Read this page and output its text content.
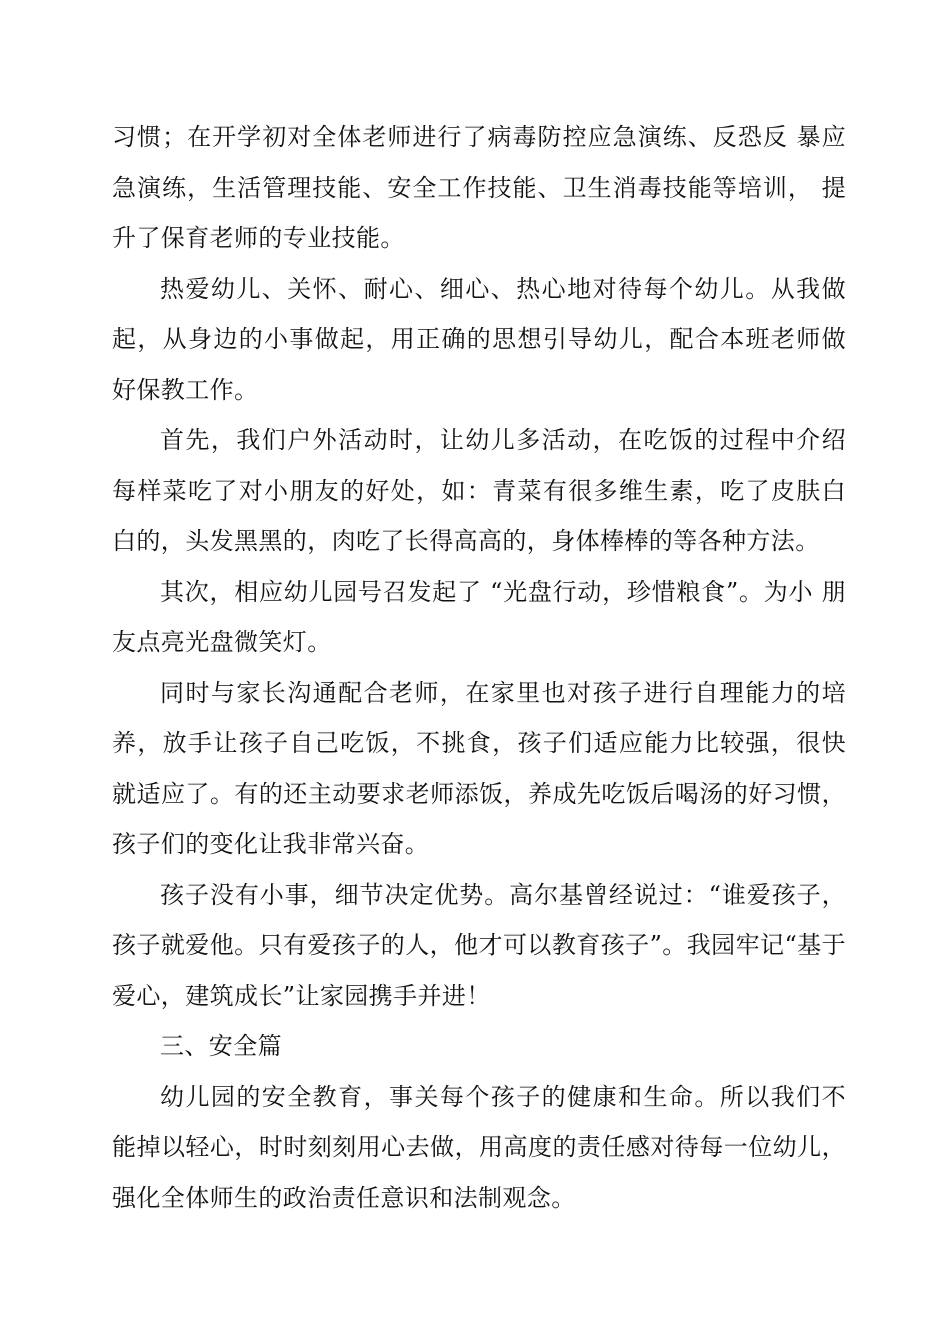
习惯；在开学初对全体老师进行了病毒防控应急演练、反恐反 暴应急演练，生活管理技能、安全工作技能、卫生消毒技能等培训， 提升了保育老师的专业技能。

热爱幼儿、关怀、耐心、细心、热心地对待每个幼儿。从我做起，从身边的小事做起，用正确的思想引导幼儿，配合本班老师做 好保教工作。

首先，我们户外活动时，让幼儿多活动，在吃饭的过程中介绍 每样菜吃了对小朋友的好处，如：青菜有很多维生素，吃了皮肤白 白的，头发黑黑的，肉吃了长得高高的，身体棒棒的等各种方法。

其次，相应幼儿园号召发起了 “光盘行动，珍惜粮食”。为小 朋友点亮光盘微笑灯。

同时与家长沟通配合老师，在家里也对孩子进行自理能力的培养，放手让孩子自己吃饭，不挑食，孩子们适应能力比较强，很快 就适应了。有的还主动要求老师添饭，养成先吃饭后喝汤的好习惯， 孩子们的变化让我非常兴奋。

孩子没有小事，细节决定优势。高尔基曾经说过：“谁爱孩子，孩子就爱他。只有爱孩子的人，他才可以教育孩子”。我园牢记“基于爱心，建筑成长”让家园携手并进！

三、安全篇

幼儿园的安全教育，事关每个孩子的健康和生命。所以我们不 能掉以轻心，时时刻刻用心去做，用高度的责任感对待每一位幼儿， 强化全体师生的政治责任意识和法制观念。
